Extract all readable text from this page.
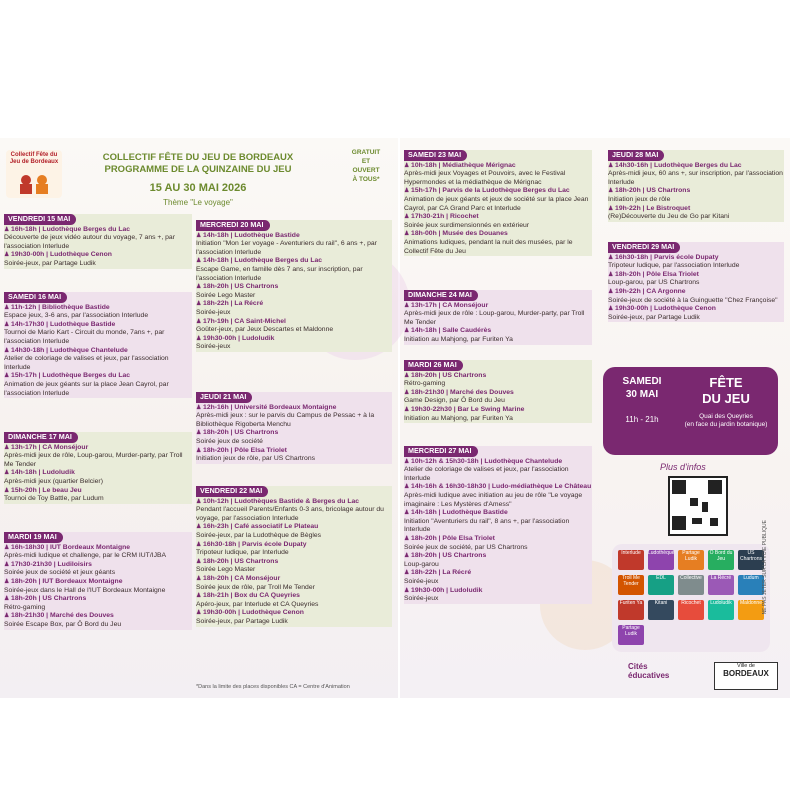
Collectif Fête du Jeu de Bordeaux	COLLECTIF FÊTE DU JEU DE BORDEAUX
PROGRAMME DE LA QUINZAINE DU JEU
15 AU 30 MAI 2026
Thème "Le voyage"
GRATUIT
ET
OUVERT
À TOUS*
VENDREDI 15 MAI
♟ 16h-18h | Ludothèque Berges du Lac
Découverte de jeux vidéo autour du voyage, 7 ans +, par l'association Interlude
♟ 19h30-00h | Ludothèque Cenon
Soirée-jeux, par Partage Ludik
SAMEDI 16 MAI
♟ 11h-12h | Bibliothèque Bastide
Espace jeux, 3-6 ans, par l'association Interlude
♟ 14h-17h30 | Ludothèque Bastide
Tournoi de Mario Kart - Circuit du monde, 7ans +, par l'association Interlude
♟ 14h30-18h | Ludothèque Chantelude
Atelier de coloriage de valises et jeux, par l'association Interlude
♟ 15h-17h | Ludothèque Berges du Lac
Animation de jeux géants sur la place Jean Cayrol, par l'association Interlude
DIMANCHE 17 MAI
♟ 13h-17h | CA Monséjour
Après-midi jeux de rôle, Loup-garou, Murder-party, par Troll Me Tender
♟ 14h-18h | Ludoludik
Après-midi jeux (quartier Belcier)
♟ 15h-20h | Le beau Jeu
Tournoi de Toy Battle, par Ludum
MARDI 19 MAI
♟ 16h-18h30 | IUT Bordeaux Montaigne
Après-midi ludique et challenge, par le CRM IUT/IJBA
♟ 17h30-21h30 | Ludiloisirs
Soirée jeux de société et jeux géants
♟ 18h-20h | IUT Bordeaux Montaigne
Soirée-jeux dans le Hall de l'IUT Bordeaux Montaigne
♟ 18h-20h | US Chartrons
Rétro-gaming
♟ 18h-21h30 | Marché des Douves
Soirée Escape Box, par Ô Bord du Jeu
MERCREDI 20 MAI
♟ 14h-18h | Ludothèque Bastide
Initiation "Mon 1er voyage - Aventuriers du rail", 6 ans +, par l'association Interlude
♟ 14h-18h | Ludothèque Berges du Lac
Escape Game, en famille dès 7 ans, sur inscription, par l'association Interlude
♟ 18h-20h | US Chartrons
Soirée Lego Master
♟ 18h-22h | La Récré
Soirée-jeux
♟ 17h-19h | CA Saint-Michel
Goûter-jeux, par Jeux Descartes et Maldonne
♟ 19h30-00h | Ludoludik
Soirée-jeux
JEUDI 21 MAI
♟ 12h-16h | Université Bordeaux Montaigne
Après-midi jeux : sur le parvis du Campus de Pessac + à la Bibliothèque Rigoberta Menchu
♟ 18h-20h | US Chartrons
Soirée jeux de société
♟ 18h-20h | Pôle Elsa Triolet
Initiation jeux de rôle, par US Chartrons
VENDREDI 22 MAI
♟ 10h-12h | Ludothèques Bastide & Berges du Lac
Pendant l'accueil Parents/Enfants 0-3 ans, bricolage autour du voyage, par l'association Interlude
♟ 16h-23h | Café associatif Le Plateau
Soirée-jeux, par la Ludothèque de Bègles
♟ 16h30-18h | Parvis école Dupaty
Tripoteur ludique, par Interlude
♟ 18h-20h | US Chartrons
Soirée Lego Master
♟ 18h-20h | CA Monséjour
Soirée jeux de rôle, par Troll Me Tender
♟ 18h-21h | Box du CA Queyries
Apéro-jeux, par Interlude et CA Queyries
♟ 19h30-00h | Ludothèque Cenon
Soirée-jeux, par Partage Ludik
SAMEDI 23 MAI
♟ 10h-18h | Médiathèque Mérignac
Après-midi jeux Voyages et Pouvoirs, avec le Festival Hypermondes et la médiathèque de Mérignac
♟ 15h-17h | Parvis de la Ludothèque Berges du Lac
Animation de jeux géants et jeux de société sur la place Jean Cayrol, par CA Grand Parc et Interlude
♟ 17h30-21h | Ricochet
Soirée jeux surdimensionnés en extérieur
♟ 18h-00h | Musée des Douanes
Animations ludiques, pendant la nuit des musées, par le Collectif Fête du Jeu
DIMANCHE 24 MAI
♟ 13h-17h | CA Monséjour
Après-midi jeux de rôle : Loup-garou, Murder-party, par Troll Me Tender
♟ 14h-18h | Salle Caudérès
Initiation au Mahjong, par Furiten Ya
MARDI 26 MAI
♟ 18h-20h | US Chartrons
Rétro-gaming
♟ 18h-21h30 | Marché des Douves
Game Design, par Ô Bord du Jeu
♟ 19h30-22h30 | Bar Le Swing Marine
Initiation au Mahjong, par Furiten Ya
MERCREDI 27 MAI
♟ 10h-12h & 15h30-18h | Ludothèque Chantelude
Atelier de coloriage de valises et jeux, par l'association Interlude
♟ 14h-16h & 16h30-18h30 | Ludo-médiathèque Le Château
Après-midi ludique avec initiation au jeu de rôle "Le voyage imaginaire : Les Mystères d'Amess"
♟ 14h-18h | Ludothèque Bastide
Initiation "Aventuriers du rail", 8 ans +, par l'association Interlude
♟ 18h-20h | Pôle Elsa Triolet
Soirée jeux de société, par US Chartrons
♟ 18h-20h | US Chartrons
Loup-garou
♟ 18h-22h | La Récré
Soirée-jeux
♟ 19h30-00h | Ludoludik
Soirée-jeux
JEUDI 28 MAI
♟ 14h30-16h | Ludothèque Berges du Lac
Après-midi jeux, 60 ans +, sur inscription, par l'association Interlude
♟ 18h-20h | US Chartrons
Initiation jeux de rôle
♟ 19h-22h | Le Bistroquet
(Re)Découverte du Jeu de Go par Kitani
VENDREDI 29 MAI
♟ 16h30-18h | Parvis école Dupaty
Tripoteur ludique, par l'association Interlude
♟ 18h-20h | Pôle Elsa Triolet
Loup-garou, par US Chartrons
♟ 19h-22h | CA Argonne
Soirée-jeux de société à la Guinguette "Chez Françoise"
♟ 19h30-00h | Ludothèque Cenon
Soirée-jeux, par Partage Ludik
SAMEDI
30 MAI
11h - 21h
FÊTE
DU JEU
Quai des Queyries
(en face du jardin botanique)
Plus d'infos
Interlude	Ludothèque	Partage Ludik
Ô Bord du Jeu
US Chartrons
Troll Me Tender
EDL	Collective	La Récré	Ludum
Furiten Ya	Kitani	Ricochet	Ludoludik	Maldonne
Partage Ludik
Cités éducatives
Ville de
BORDEAUX
NE PAS JETER SUR LA VOIE PUBLIQUE
*Dans la limite des places disponibles CA = Centre d'Animation
